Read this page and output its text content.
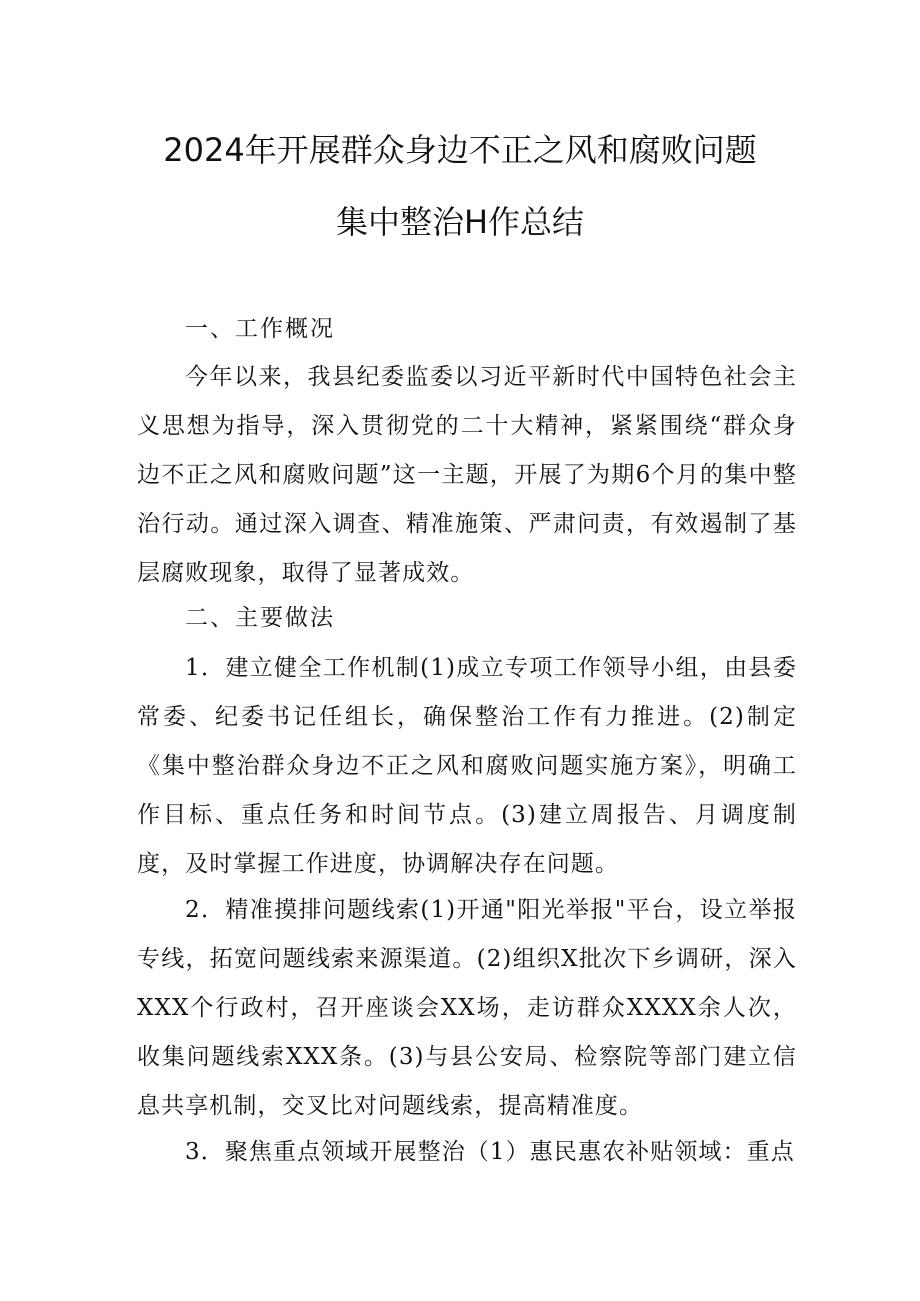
2024年开展群众身边不正之风和腐败问题
集中整治H作总结
一、工作概况

今年以来，我县纪委监委以习近平新时代中国特色社会主义思想为指导，深入贯彻党的二十大精神，紧紧围绕“群众身边不正之风和腐败问题”这一主题，开展了为期6个月的集中整治行动。通过深入调查、精准施策、严肃问责，有效遏制了基层腐败现象，取得了显著成效。

二、主要做法

1．建立健全工作机制(1)成立专项工作领导小组，由县委常委、纪委书记任组长，确保整治工作有力推进。(2)制定《集中整治群众身边不正之风和腐败问题实施方案》，明确工作目标、重点任务和时间节点。(3)建立周报告、月调度制度，及时掌握工作进度，协调解决存在问题。

2．精准摸排问题线索(1)开通"阳光举报"平台，设立举报专线，拓宽问题线索来源渠道。(2)组织X批次下乡调研，深入XXX个行政村，召开座谈会XX场，走访群众XXXX余人次，收集问题线索XXX条。(3)与县公安局、检察院等部门建立信息共享机制，交叉比对问题线索，提高精准度。

3．聚焦重点领域开展整治（1）惠民惠农补贴领域：重点
